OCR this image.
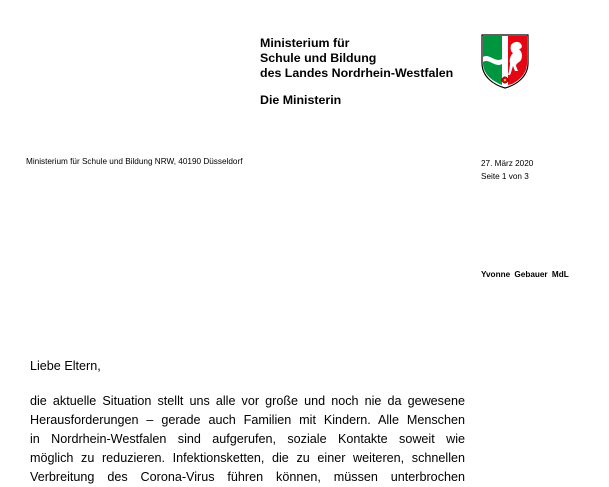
Ministerium für
Schule und Bildung
des Landes Nordrhein-Westfalen
Die Ministerin
Ministerium für Schule und Bildung NRW, 40190 Düsseldorf	27. März 2020
Seite 1 von 3
Yvonne Gebauer MdL
Liebe Eltern,
die aktuelle Situation stellt uns alle vor große und noch nie da gewesene
Herausforderungen – gerade auch Familien mit Kindern. Alle Menschen
in Nordrhein-Westfalen sind aufgerufen, soziale Kontakte soweit wie
möglich zu reduzieren. Infektionsketten, die zu einer weiteren, schnellen
Verbreitung des Corona-Virus führen können, müssen unterbrochen
